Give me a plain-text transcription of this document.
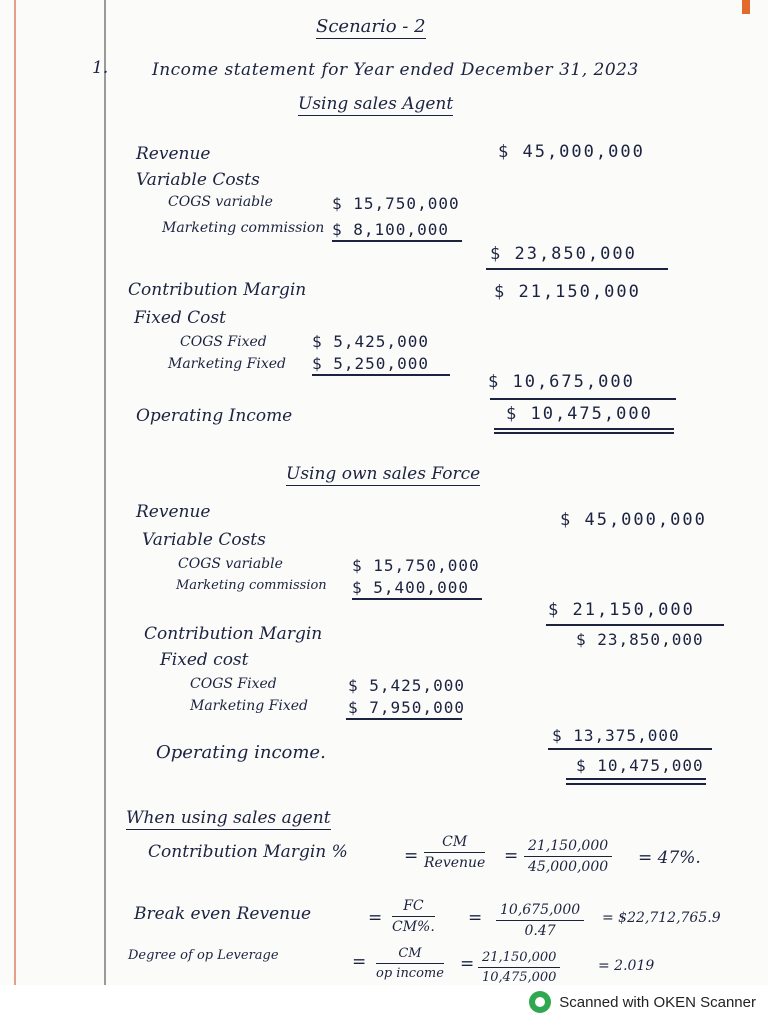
Scenario - 2
1.	Income statement for Year ended December 31, 2023
Using sales Agent
Revenue	$ 45,000,000
Variable Costs
COGS variable	$ 15,750,000
Marketing commission $ 8,100,000
$ 23,850,000
Contribution Margin	$ 21,150,000
Fixed Cost
COGS Fixed	$ 5,425,000
Marketing Fixed $ 5,250,000
$ 10,675,000
Operating Income	$ 10,475,000
Using own sales Force
Revenue	$ 45,000,000
Variable Costs
COGS variable	$ 15,750,000
Marketing commission $ 5,400,000
$ 21,150,000
Contribution Margin	$ 23,850,000
Fixed cost
COGS Fixed	$ 5,425,000
Marketing Fixed $ 7,950,000
$ 13,375,000
Operating income.
$ 10,475,000
When using sales agent
Contribution Margin %	=
CM
Revenue = $\frac{21,150,000}{45,000,000} = 47\%$.
Break even Revenue	= $\frac{FC}{CM\%.} = \frac{10,675,000}{0.47}$ = $22,712,765.9
Degree of op Leverage	=	CM
op income = $\frac{21,150,000}{10,475,000}$	= 2.019
Scanned with OKEN Scanner
